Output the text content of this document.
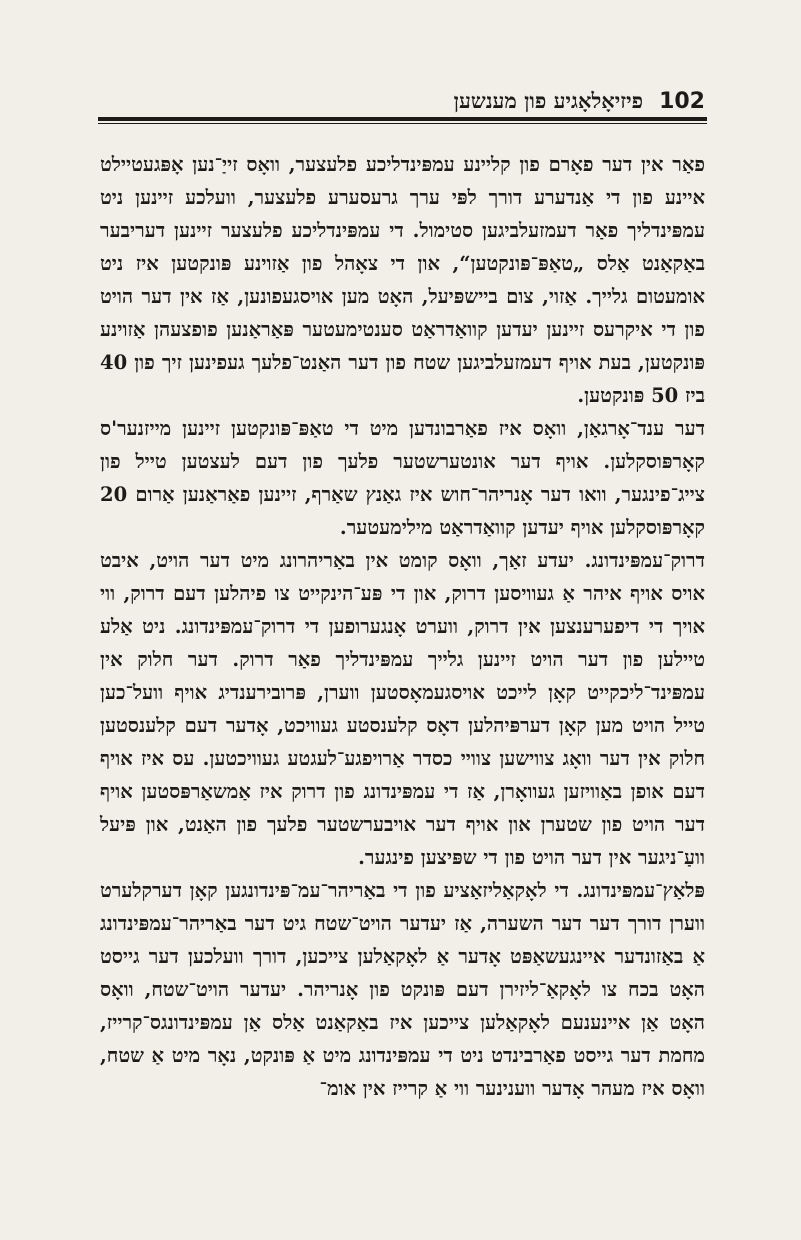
102
פיזיאָלאָגיע פון מענשען

פאַר אין דער פאָרם פון קליינע עמפּינדליכע פלעצער, וואָס זייַ־נען אָפּגעטיילט איינע פון די אַנדערע דורך לפּי ערך גרעסערע פלעצער, וועלכע זיינען ניט עמפּינדליך פאַר דעמזעלביגען סטימול. די עמפּינדליכע פלעצער זיינען דעריבער באַקאַנט אַלס „טאַפּ־פּונקטען“, און די צאָהל פון אַזוינע פּונקטען איז ניט אומעטום גלייך. אַזוי, צום ביישפּיעל, האָט מען אויסגעפונען, אַז אין דער הויט פון די איקרעס זיינען יעדען קוואַדראַט סענטימעטער פּאַראַנען פופצעהן אַזוינע פּונקטען, בעת אויף דעמזעלביגען שטח פון דער האַנט־פלעך געפינען זיך פון 40 ביז 50 פּונקטען.

דער ענד־אָרגאַן, וואָס איז פאַרבונדען מיט די טאַפּ־פּונקטען זיינען מייזנער'ס קאָרפּוסקלען. אויף דער אונטערשטער פלעך פון דעם לעצטען טייל פון צייג־פינגער, וואו דער אָנריהר־חוש איז גאַנץ שאַרף, זיינען פאַראַנען אַרום 20 קאָרפּוסקלען אויף יעדען קוואַדראַט מילימעטער.

דרוק־עמפּינדונג. יעדע זאַך, וואָס קומט אין באַריהרונג מיט דער הויט, איבט אויס אויף איהר אַ געוויסען דרוק, און די פּע־הינקייט צו פיהלען דעם דרוק, ווי אויך די דיפערענצען אין דרוק, ווערט אָנגערופען די דרוק־עמפּינדונג. ניט אַלע טיילען פון דער הויט זיינען גלייך עמפּינדליך פאַר דרוק. דער חלוק אין עמפּינד־ליכקייט קאָן לייכט אויסגעמאָסטען ווערן, פּרובירענדיג אויף וועל־כען טייל הויט מען קאָן דערפּיהלען דאָס קלענסטע געוויכט, אָדער דעם קלענסטען חלוק אין דער וואָג צווישען צוויי כסדר אַרויפגע־לעגטע געוויכטען. עס איז אויף דעם אופן באַוויזען געוואָרן, אַז די עמפּינדונג פון דרוק איז אַמשאַרפּסטען אויף דער הויט פון שטערן און אויף דער אויבערשטער פלעך פון האַנט, און פּיעל וועַ־ניגער אין דער הויט פון די שפּיצען פינגער.

פּלאַץ־עמפּינדונג. די לאָקאַליזאַציע פון די באַריהר־עמ־פּינדונגען קאָן דערקלערט ווערן דורך דער דער השערה, אַז יעדער הויט־שטח גיט דער באַריהר־עמפּינדונג אַ באַזונדער איינגעשאַפּט אָדער אַ לאָקאַלען צייכען, דורך וועלכען דער גייסט האָט בכח צו לאָקאַ־ליזירן דעם פּונקט פון אָנריהר. יעדער הויט־שטח, וואָס האָט אַן איינענעם לאָקאַלען צייכען איז באַקאַנט אַלס אַן עמפּינדונגס־קרייז, מחמת דער גייסט פאַרבינדט ניט די עמפּינדונג מיט אַ פּונקט, נאָר מיט אַ שטח, וואָס איז מעהר אָדער ווענינער ווי אַ קרייז אין אומ־
